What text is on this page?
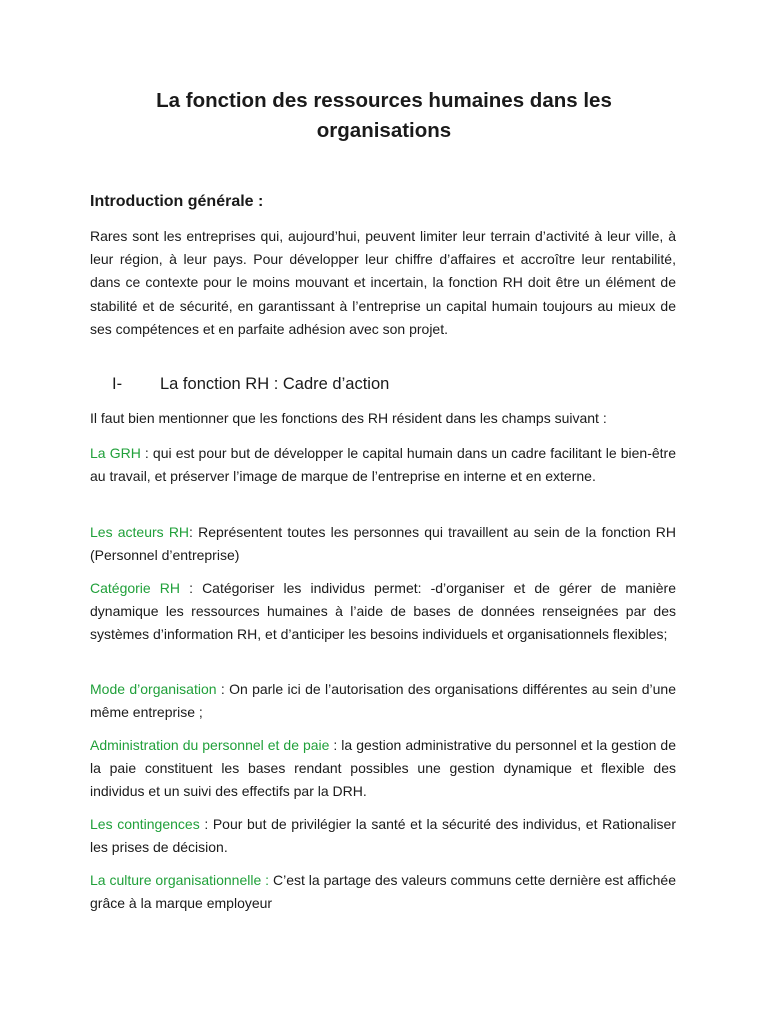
La fonction des ressources humaines dans les organisations
Introduction générale :
Rares sont les entreprises qui, aujourd’hui, peuvent limiter leur terrain d’activité à leur ville, à leur région, à leur pays. Pour développer leur chiffre d’affaires et accroître leur rentabilité, dans ce contexte pour le moins mouvant et incertain, la fonction RH doit être un élément de stabilité et de sécurité, en garantissant à l’entreprise un capital humain toujours au mieux de ses compétences et en parfaite adhésion avec son projet.
I- La fonction RH : Cadre d’action
Il faut bien mentionner que les fonctions des RH résident dans les champs suivant :
La GRH : qui est pour but de développer le capital humain dans un cadre facilitant le bien-être au travail, et préserver l’image de marque de l’entreprise en interne et en externe.
Les acteurs RH: Représentent toutes les personnes qui travaillent au sein de la fonction RH (Personnel d’entreprise)
Catégorie RH : Catégoriser les individus permet: -d’organiser et de gérer de manière dynamique les ressources humaines à l’aide de bases de données renseignées par des systèmes d’information RH, et d’anticiper les besoins individuels et organisationnels flexibles;
Mode d’organisation : On parle ici de l’autorisation des organisations différentes au sein d’une même entreprise ;
Administration du personnel et de paie : la gestion administrative du personnel et la gestion de la paie constituent les bases rendant possibles une gestion dynamique et flexible des individus et un suivi des effectifs par la DRH.
Les contingences : Pour but de privilégier la santé et la sécurité des individus, et Rationaliser les prises de décision.
La culture organisationnelle : C’est la partage des valeurs communs cette dernière est affichée grâce à la marque employeur
